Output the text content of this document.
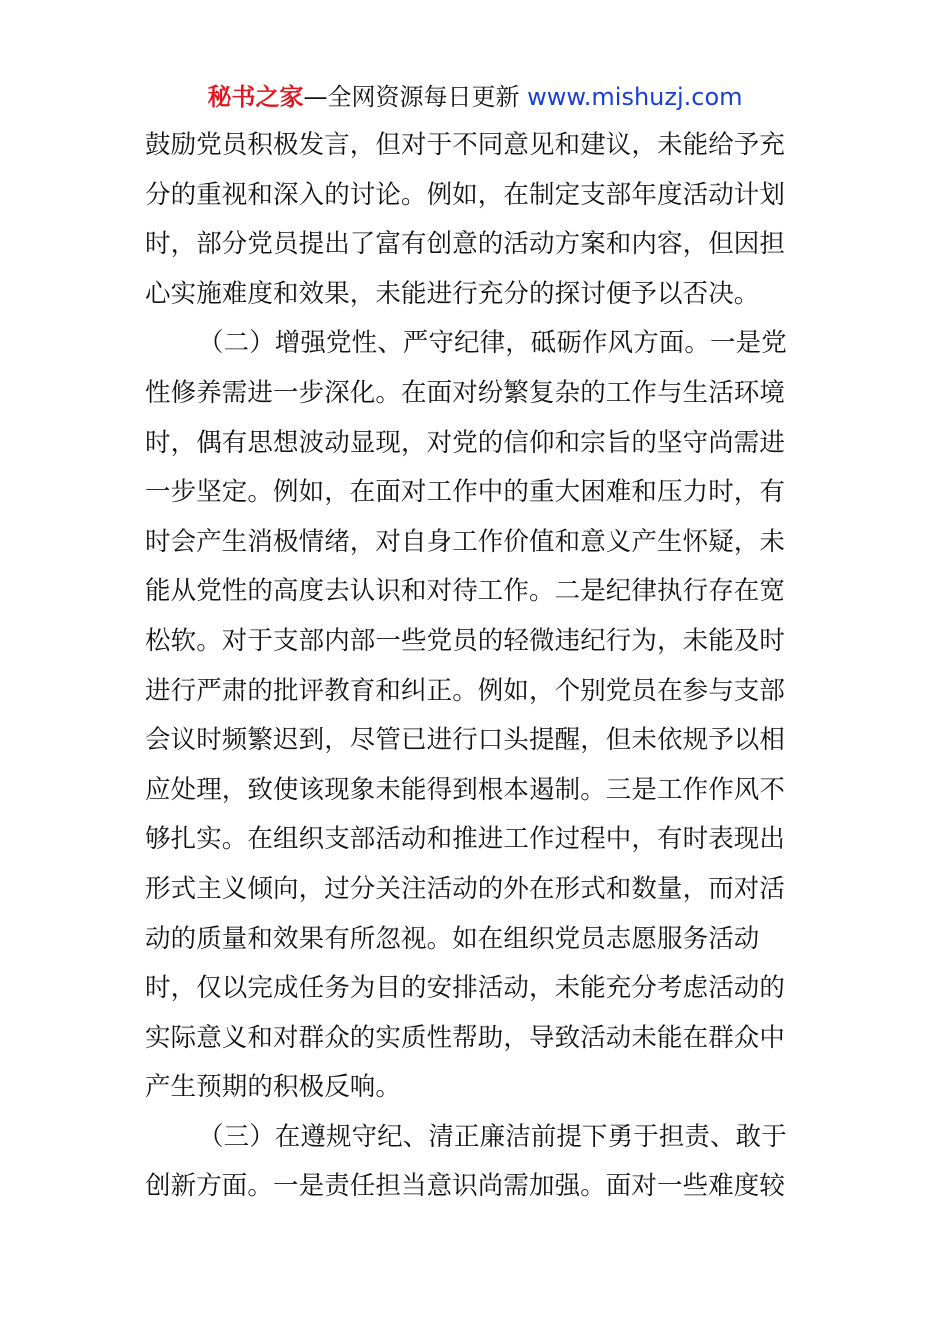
秘书之家—全网资源每日更新 www.mishuzj.com
鼓励党员积极发言，但对于不同意见和建议，未能给予充
分的重视和深入的讨论。例如，在制定支部年度活动计划
时，部分党员提出了富有创意的活动方案和内容，但因担
心实施难度和效果，未能进行充分的探讨便予以否决。
（二）增强党性、严守纪律，砥砺作风方面。一是党
性修养需进一步深化。在面对纷繁复杂的工作与生活环境
时，偶有思想波动显现，对党的信仰和宗旨的坚守尚需进
一步坚定。例如，在面对工作中的重大困难和压力时，有
时会产生消极情绪，对自身工作价值和意义产生怀疑，未
能从党性的高度去认识和对待工作。二是纪律执行存在宽
松软。对于支部内部一些党员的轻微违纪行为，未能及时
进行严肃的批评教育和纠正。例如，个别党员在参与支部
会议时频繁迟到，尽管已进行口头提醒，但未依规予以相
应处理，致使该现象未能得到根本遏制。三是工作作风不
够扎实。在组织支部活动和推进工作过程中，有时表现出
形式主义倾向，过分关注活动的外在形式和数量，而对活
动的质量和效果有所忽视。如在组织党员志愿服务活动
时，仅以完成任务为目的安排活动，未能充分考虑活动的
实际意义和对群众的实质性帮助，导致活动未能在群众中
产生预期的积极反响。
（三）在遵规守纪、清正廉洁前提下勇于担责、敢于
创新方面。一是责任担当意识尚需加强。面对一些难度较
